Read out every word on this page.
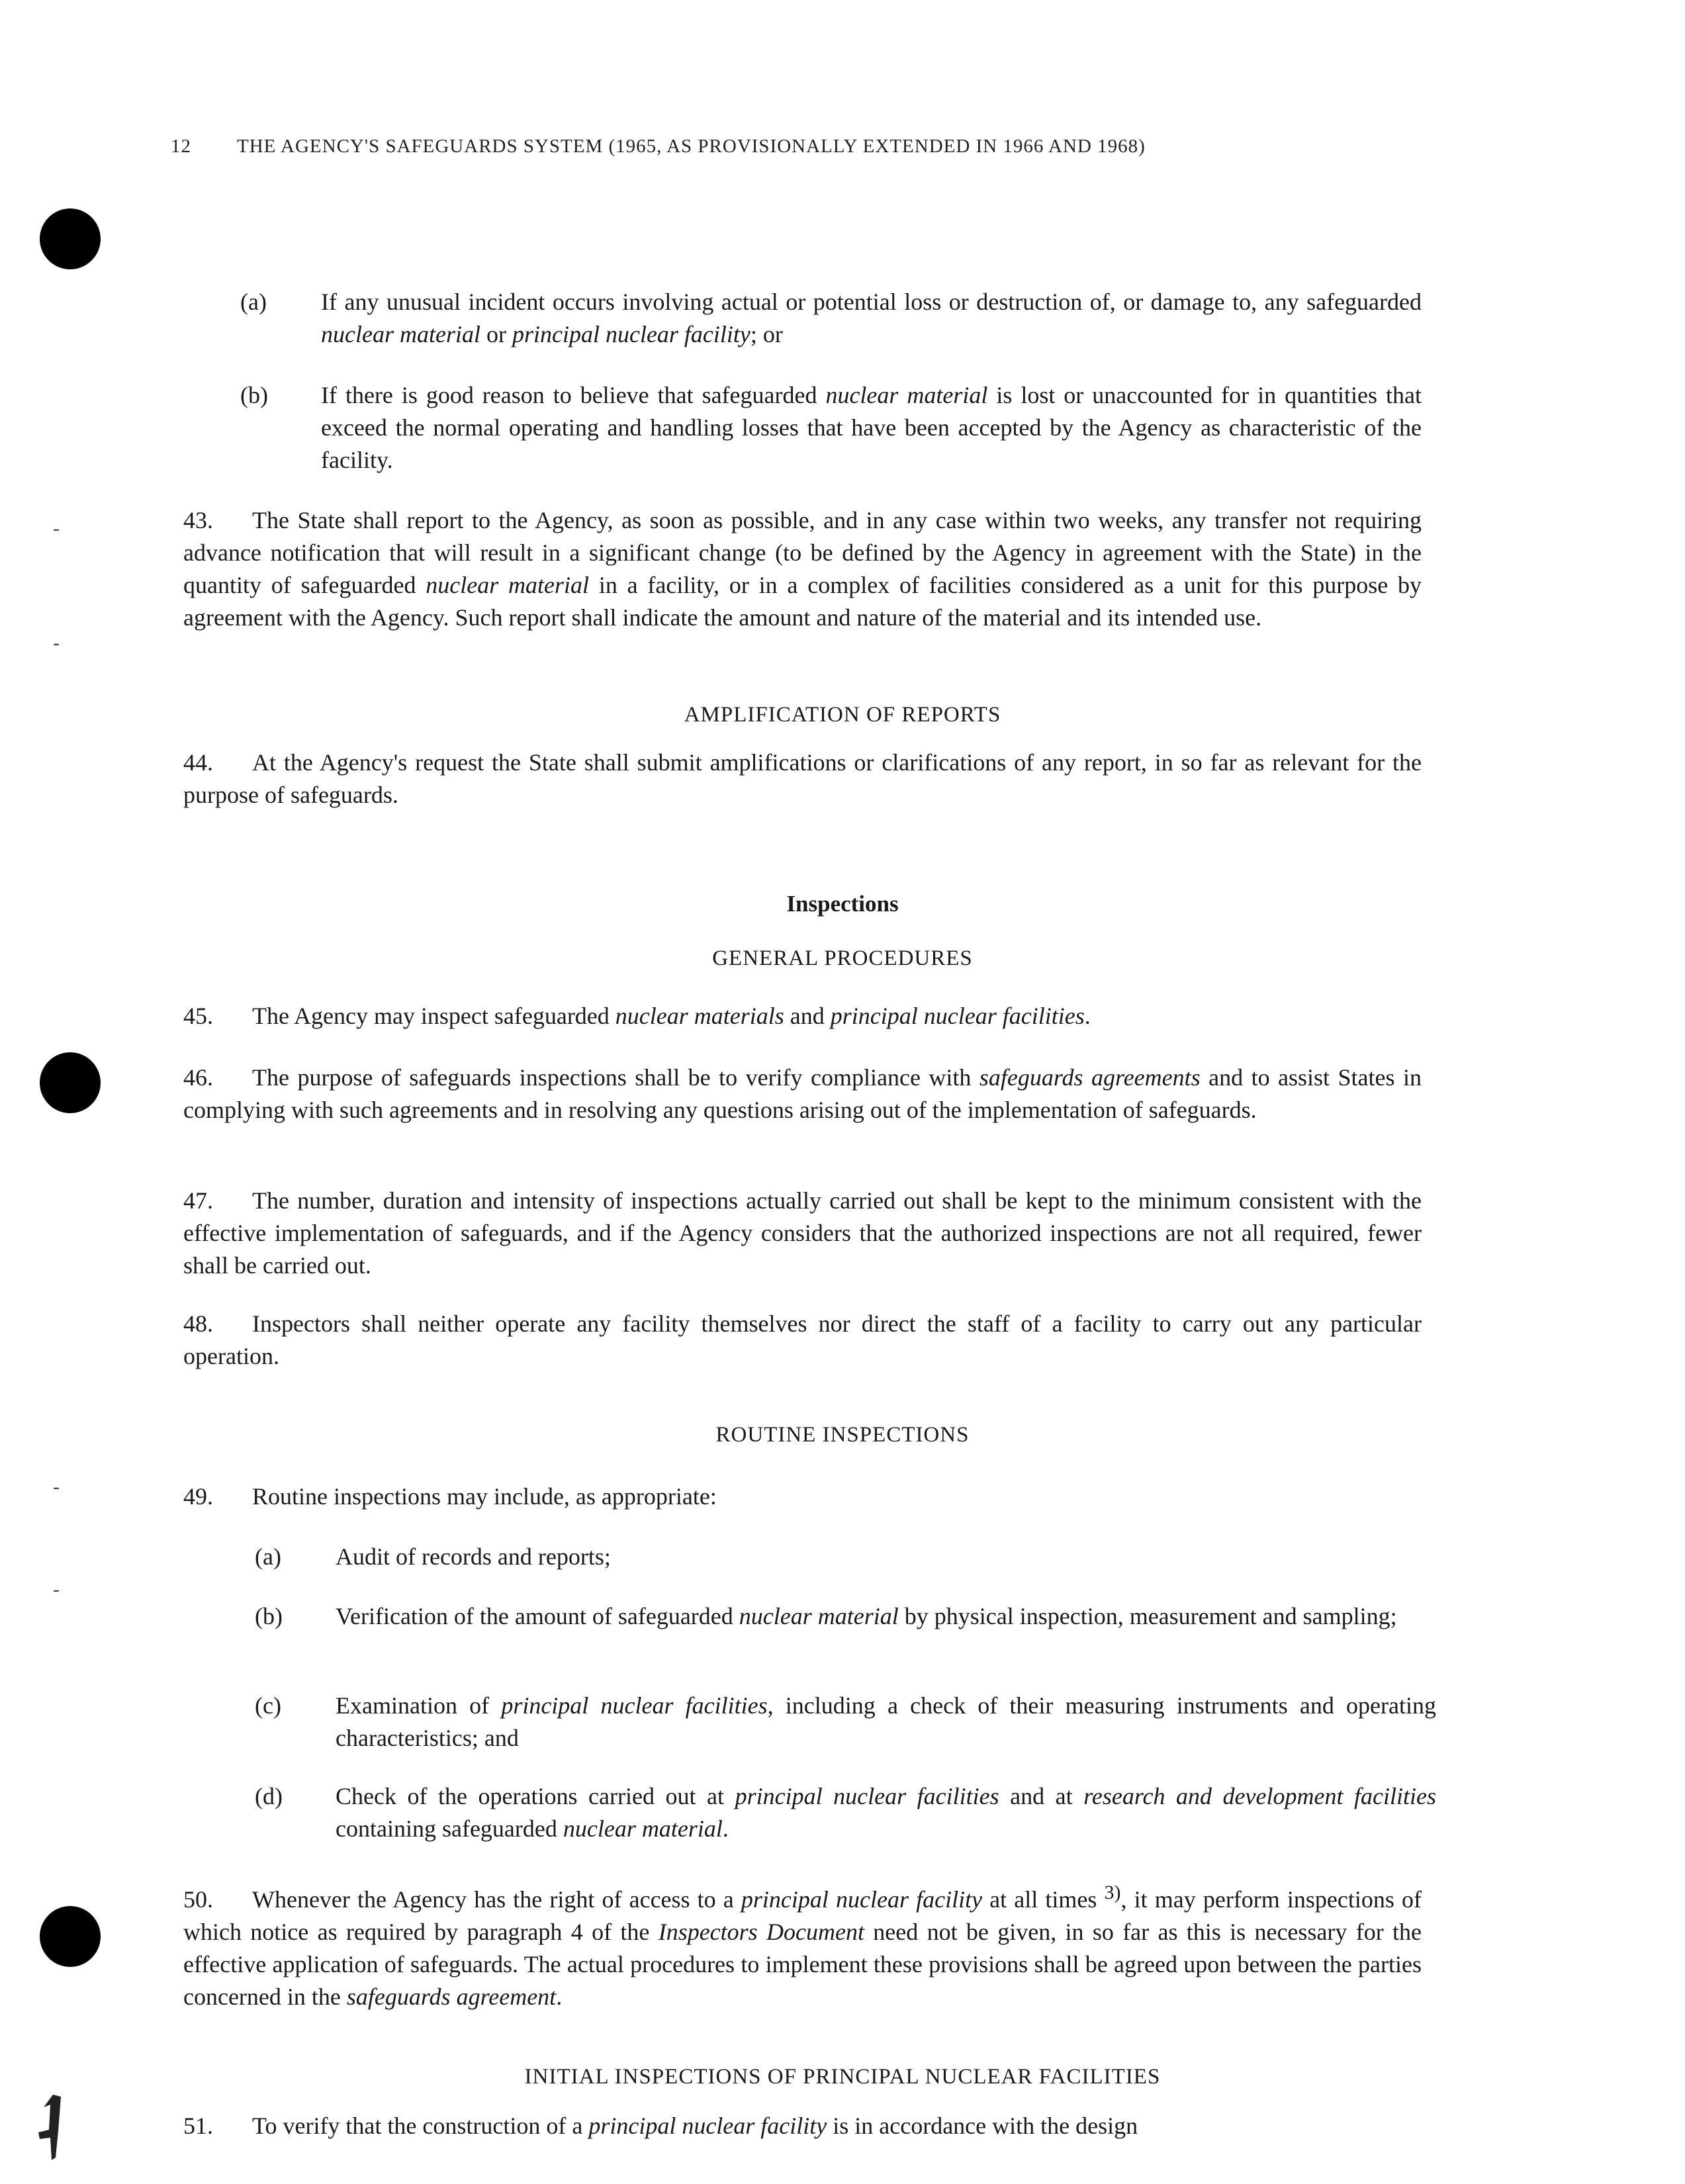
12 THE AGENCY'S SAFEGUARDS SYSTEM (1965, AS PROVISIONALLY EXTENDED IN 1966 AND 1968)
(a) If any unusual incident occurs involving actual or potential loss or destruction of, or damage to, any safeguarded nuclear material or principal nuclear facility; or
(b) If there is good reason to believe that safeguarded nuclear material is lost or unaccounted for in quantities that exceed the normal operating and handling losses that have been accepted by the Agency as characteristic of the facility.
43. The State shall report to the Agency, as soon as possible, and in any case within two weeks, any transfer not requiring advance notification that will result in a significant change (to be defined by the Agency in agreement with the State) in the quantity of safeguarded nuclear material in a facility, or in a complex of facilities considered as a unit for this purpose by agreement with the Agency. Such report shall indicate the amount and nature of the material and its intended use.
AMPLIFICATION OF REPORTS
44. At the Agency's request the State shall submit amplifications or clarifications of any report, in so far as relevant for the purpose of safeguards.
Inspections
GENERAL PROCEDURES
45. The Agency may inspect safeguarded nuclear materials and principal nuclear facilities.
46. The purpose of safeguards inspections shall be to verify compliance with safeguards agreements and to assist States in complying with such agreements and in resolving any questions arising out of the implementation of safeguards.
47. The number, duration and intensity of inspections actually carried out shall be kept to the minimum consistent with the effective implementation of safeguards, and if the Agency considers that the authorized inspections are not all required, fewer shall be carried out.
48. Inspectors shall neither operate any facility themselves nor direct the staff of a facility to carry out any particular operation.
ROUTINE INSPECTIONS
49. Routine inspections may include, as appropriate:
(a) Audit of records and reports;
(b) Verification of the amount of safeguarded nuclear material by physical inspection, measurement and sampling;
(c) Examination of principal nuclear facilities, including a check of their measuring instruments and operating characteristics; and
(d) Check of the operations carried out at principal nuclear facilities and at research and development facilities containing safeguarded nuclear material.
50. Whenever the Agency has the right of access to a principal nuclear facility at all times $^{3)}$, it may perform inspections of which notice as required by paragraph 4 of the Inspectors Document need not be given, in so far as this is necessary for the effective application of safeguards. The actual procedures to implement these provisions shall be agreed upon between the parties concerned in the safeguards agreement.
INITIAL INSPECTIONS OF PRINCIPAL NUCLEAR FACILITIES
51. To verify that the construction of a principal nuclear facility is in accordance with the design
-
-
-
-
